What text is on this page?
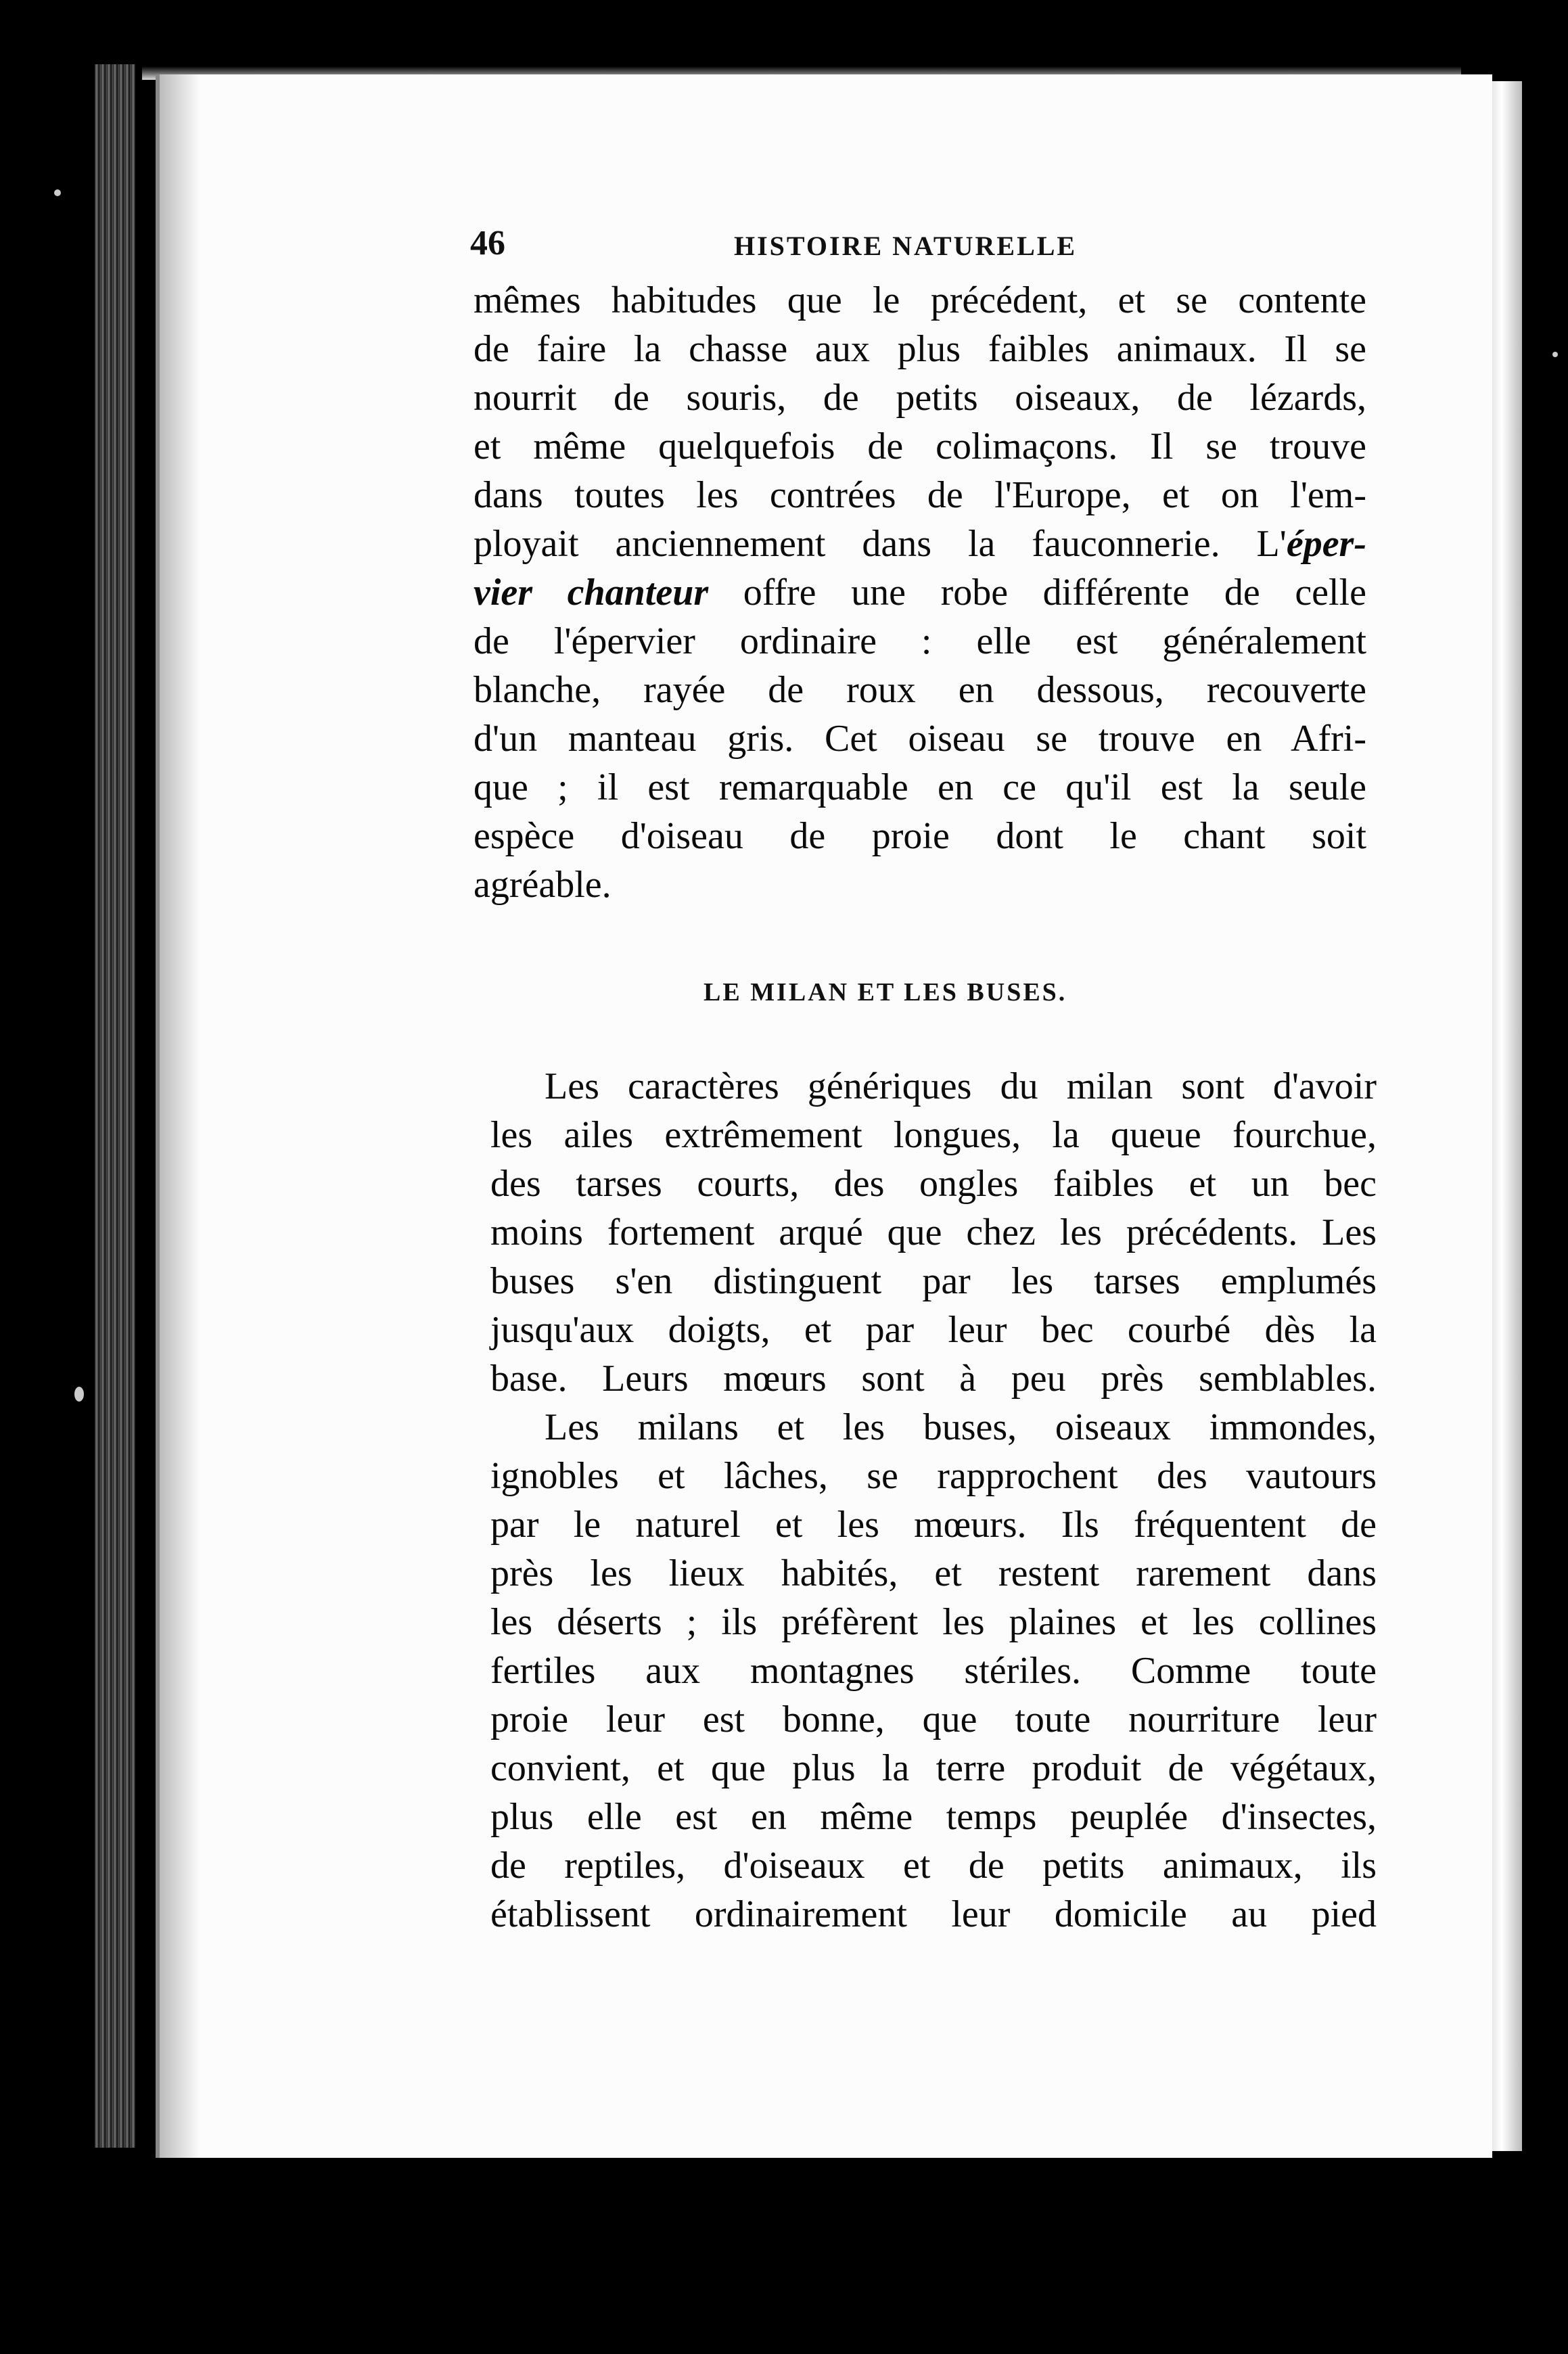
46	HISTOIRE NATURELLE
mêmes habitudes que le précédent, et se contente
de faire la chasse aux plus faibles animaux. Il se
nourrit de souris, de petits oiseaux, de lézards,
et même quelquefois de colimaçons. Il se trouve
dans toutes les contrées de l'Europe, et on l'em-
ployait anciennement dans la fauconnerie. L'éper-
vier chanteur offre une robe différente de celle
de l'épervier ordinaire : elle est généralement
blanche, rayée de roux en dessous, recouverte
d'un manteau gris. Cet oiseau se trouve en Afri-
que ; il est remarquable en ce qu'il est la seule
espèce d'oiseau de proie dont le chant soit
agréable.
LE MILAN ET LES BUSES.
Les caractères génériques du milan sont d'avoir
les ailes extrêmement longues, la queue fourchue,
des tarses courts, des ongles faibles et un bec
moins fortement arqué que chez les précédents. Les
buses s'en distinguent par les tarses emplumés
jusqu'aux doigts, et par leur bec courbé dès la
base. Leurs mœurs sont à peu près semblables.
Les milans et les buses, oiseaux immondes,
ignobles et lâches, se rapprochent des vautours
par le naturel et les mœurs. Ils fréquentent de
près les lieux habités, et restent rarement dans
les déserts ; ils préfèrent les plaines et les collines
fertiles aux montagnes stériles. Comme toute
proie leur est bonne, que toute nourriture leur
convient, et que plus la terre produit de végétaux,
plus elle est en même temps peuplée d'insectes,
de reptiles, d'oiseaux et de petits animaux, ils
établissent ordinairement leur domicile au pied
